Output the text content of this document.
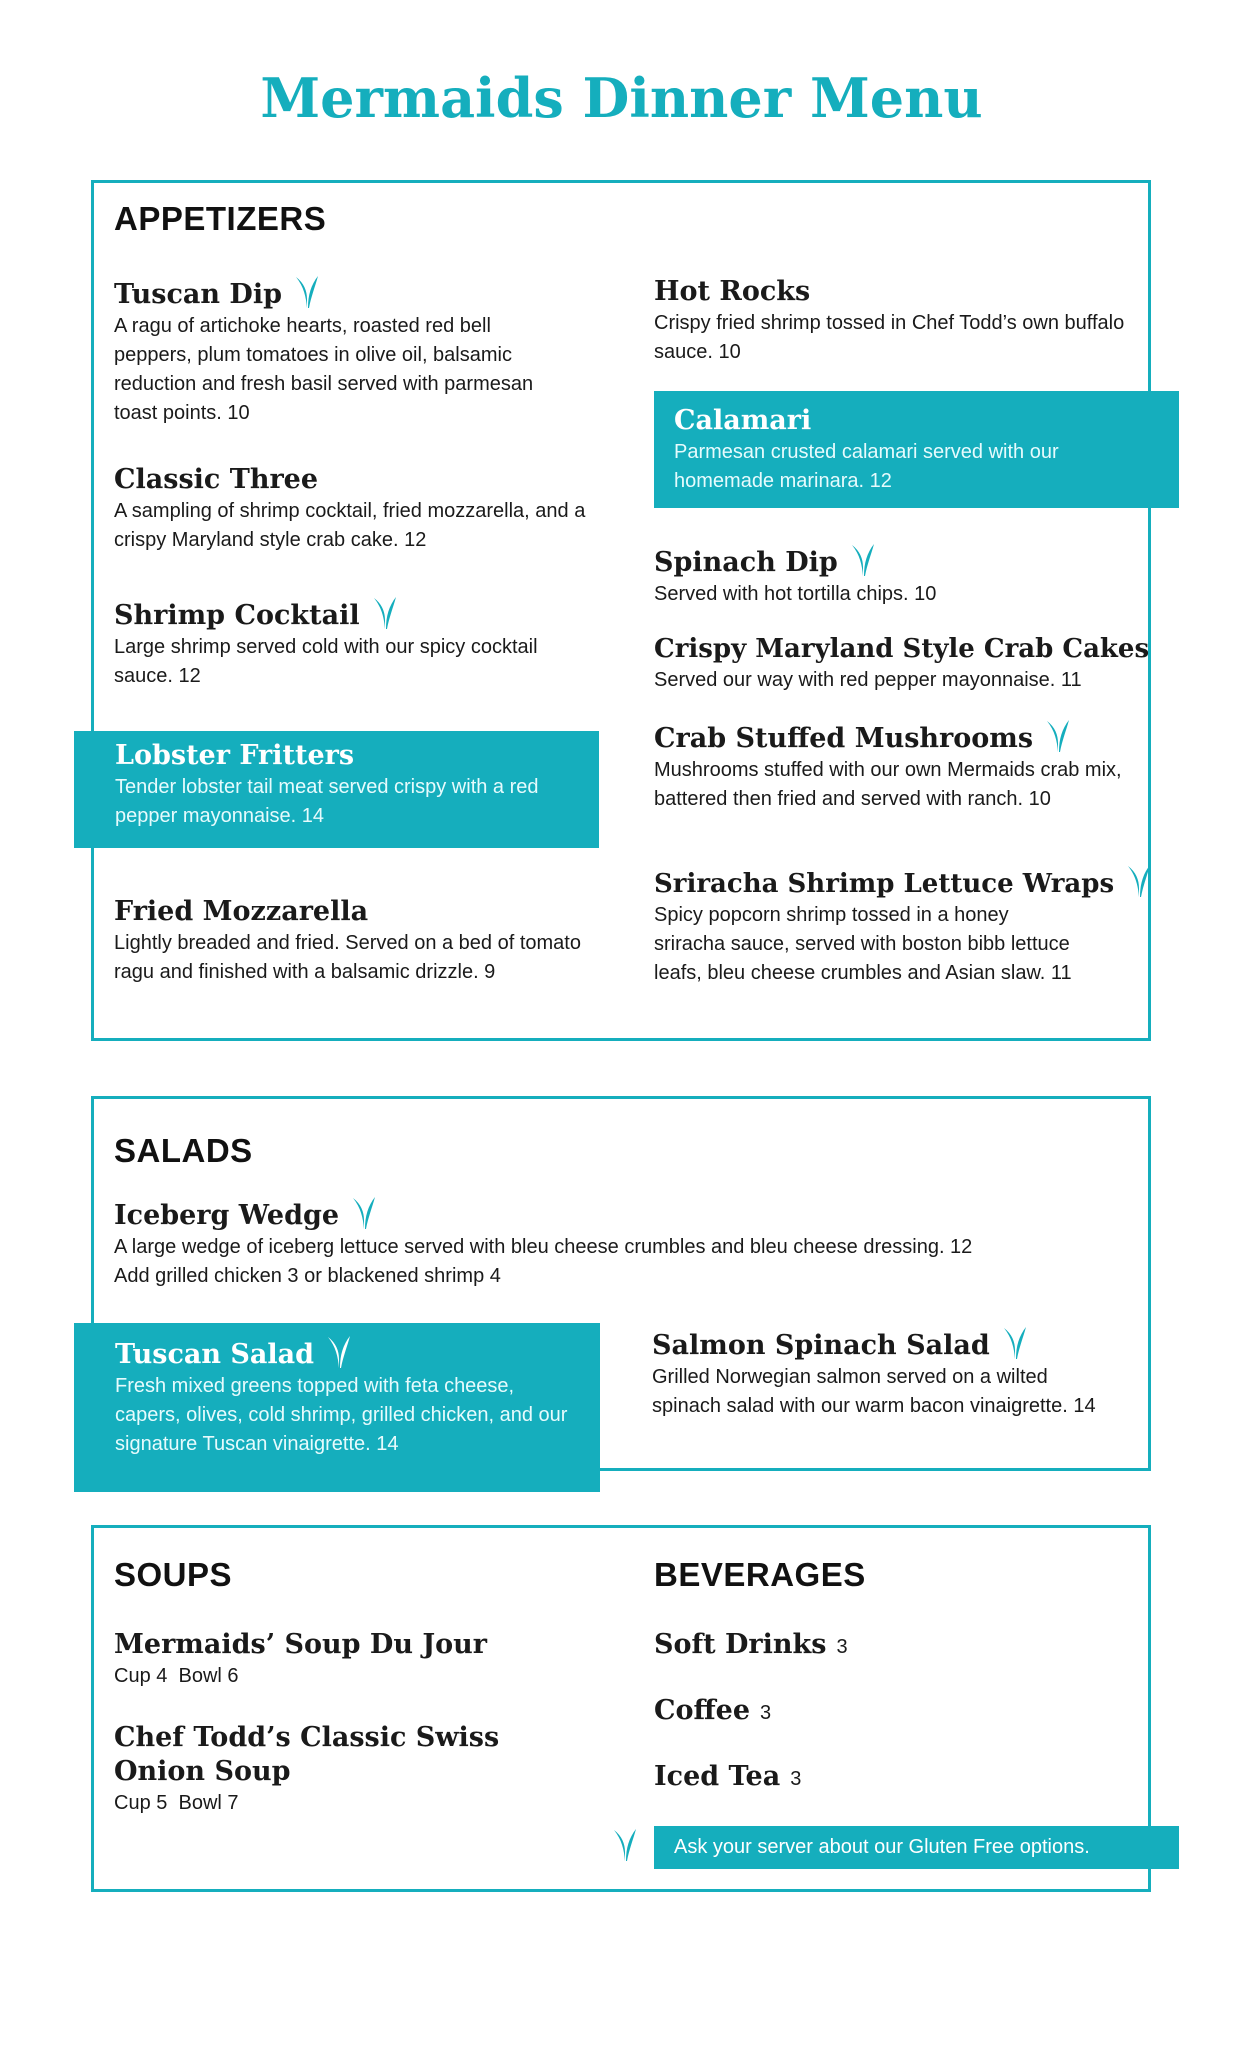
Mermaids Dinner Menu
APPETIZERS

Tuscan Dip

A ragu of artichoke hearts, roasted red bell peppers, plum tomatoes in olive oil, balsamic reduction and fresh basil served with parmesan toast points. 10

Classic Three

A sampling of shrimp cocktail, fried mozzarella, and a crispy Maryland style crab cake. 12

Shrimp Cocktail

Large shrimp served cold with our spicy cocktail sauce. 12

Lobster Fritters

Tender lobster tail meat served crispy with a red pepper mayonnaise. 14

Fried Mozzarella

Lightly breaded and fried. Served on a bed of tomato ragu and finished with a balsamic drizzle. 9

Hot Rocks

Crispy fried shrimp tossed in Chef Todd’s own buffalo sauce. 10

Calamari

Parmesan crusted calamari served with our homemade marinara. 12

Spinach Dip

Served with hot tortilla chips. 10

Crispy Maryland Style Crab Cakes

Served our way with red pepper mayonnaise. 11

Crab Stuffed Mushrooms

Mushrooms stuffed with our own Mermaids crab mix, battered then fried and served with ranch. 10

Sriracha Shrimp Lettuce Wraps

Spicy popcorn shrimp tossed in a honey sriracha sauce, served with boston bibb lettuce leafs, bleu cheese crumbles and Asian slaw. 11

SALADS

Iceberg Wedge

A large wedge of iceberg lettuce served with bleu cheese crumbles and bleu cheese dressing. 12

Add grilled chicken 3 or blackened shrimp 4

Tuscan Salad

Fresh mixed greens topped with feta cheese, capers, olives, cold shrimp, grilled chicken, and our signature Tuscan vinaigrette. 14

Salmon Spinach Salad

Grilled Norwegian salmon served on a wilted spinach salad with our warm bacon vinaigrette. 14

SOUPS

Mermaids’ Soup Du Jour

Cup 4  Bowl 6

Chef Todd’s Classic Swiss

Onion Soup

Cup 5  Bowl 7

BEVERAGES

Soft Drinks 3

Coffee 3

Iced Tea 3

Ask your server about our Gluten Free options.
